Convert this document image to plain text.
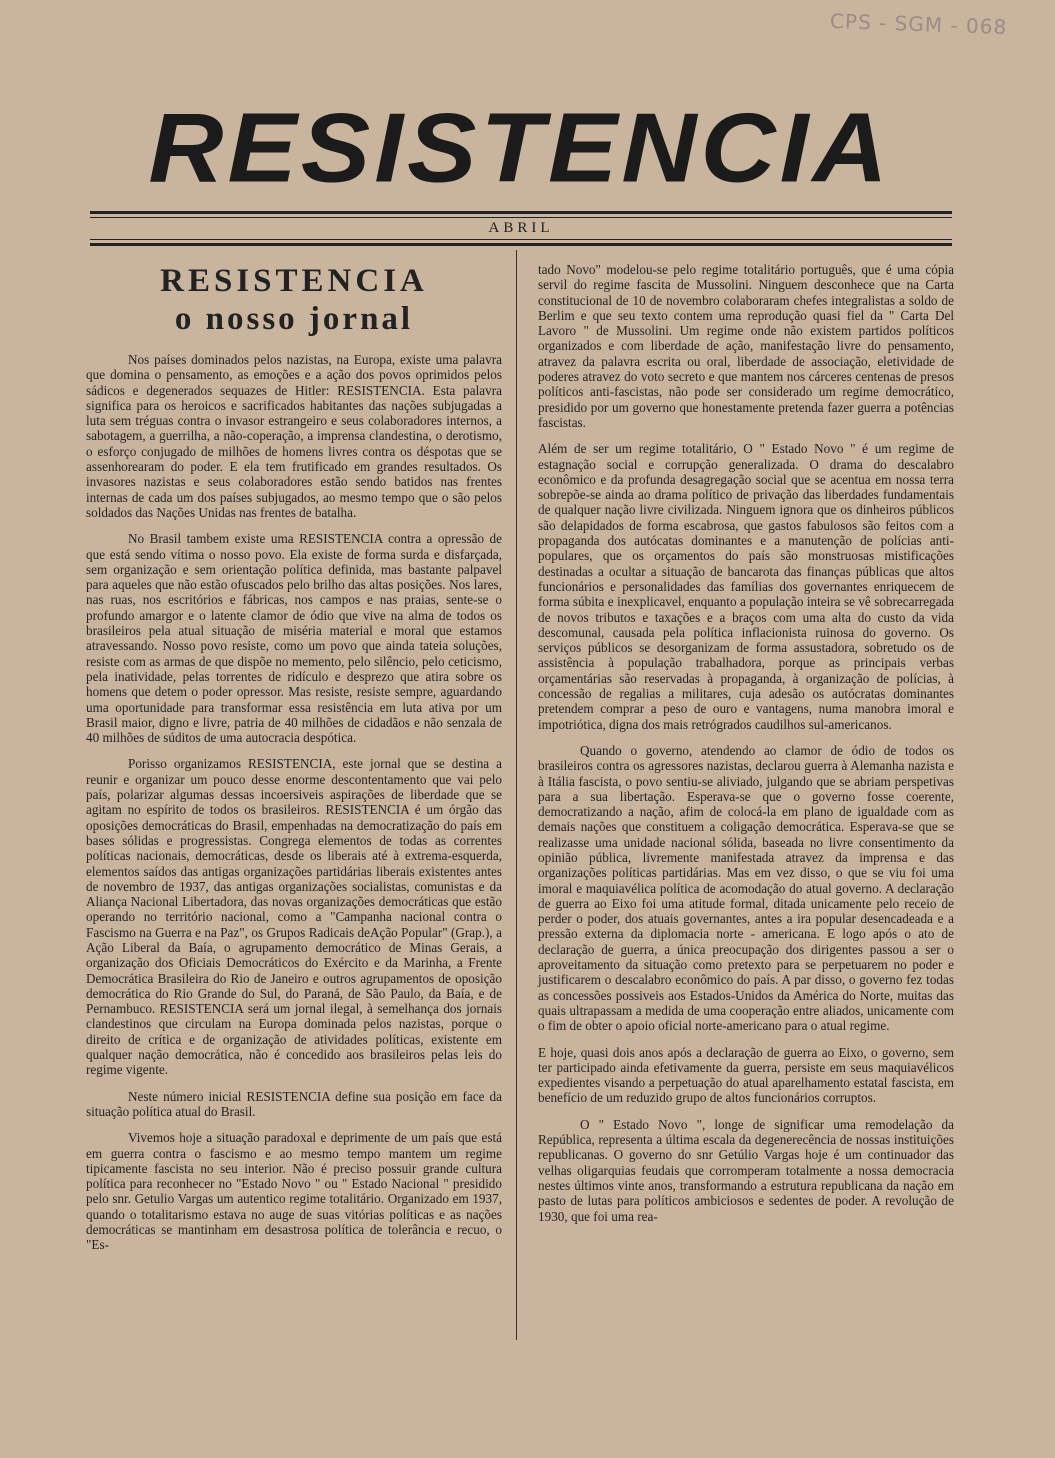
CPS - SGM - 068
RESISTENCIA
ABRIL
RESISTENCIA
o nosso jornal

Nos países dominados pelos nazistas, na Europa, existe uma palavra que domina o pensamento, as emoções e a ação dos povos oprimidos pelos sádicos e degenerados sequazes de Hitler: RESISTENCIA. Esta palavra significa para os heroicos e sacrificados habitantes das nações subjugadas a luta sem tréguas contra o invasor estrangeiro e seus colaboradores internos, a sabotagem, a guerrilha, a não-coperação, a imprensa clandestina, o derotismo, o esforço conjugado de milhões de homens livres contra os déspotas que se assenhorearam do poder. E ela tem frutificado em grandes resultados. Os invasores nazistas e seus colaboradores estão sendo batidos nas frentes internas de cada um dos países subjugados, ao mesmo tempo que o são pelos soldados das Nações Unidas nas frentes de batalha.

No Brasil tambem existe uma RESISTENCIA contra a opressão de que está sendo vítima o nosso povo. Ela existe de forma surda e disfarçada, sem organização e sem orientação política definida, mas bastante palpavel para aqueles que não estão ofuscados pelo brilho das altas posições. Nos lares, nas ruas, nos escritórios e fábricas, nos campos e nas praias, sente-se o profundo amargor e o latente clamor de ódio que vive na alma de todos os brasileiros pela atual situação de miséria material e moral que estamos atravessando. Nosso povo resiste, como um povo que ainda tateia soluções, resiste com as armas de que dispõe no memento, pelo silêncio, pelo ceticismo, pela inatividade, pelas torrentes de ridículo e desprezo que atira sobre os homens que detem o poder opressor. Mas resiste, resiste sempre, aguardando uma oportunidade para transformar essa resistência em luta ativa por um Brasil maior, digno e livre, patria de 40 milhões de cidadãos e não senzala de 40 milhões de súditos de uma autocracia despótica.

Porisso organizamos RESISTENCIA, este jornal que se destina a reunir e organizar um pouco desse enorme descontentamento que vai pelo país, polarizar algumas dessas incoersiveis aspirações de liberdade que se agitam no espírito de todos os brasileiros. RESISTENCIA é um órgão das oposições democráticas do Brasil, empenhadas na democratização do país em bases sólidas e progressistas. Congrega elementos de todas as correntes políticas nacionais, democráticas, desde os liberais até à extrema-esquerda, elementos saídos das antigas organizações partidárias liberais existentes antes de novembro de 1937, das antigas organizações socialistas, comunistas e da Aliança Nacional Libertadora, das novas organizações democráticas que estão operando no território nacional, como a "Campanha nacional contra o Fascismo na Guerra e na Paz", os Grupos Radicais deAção Popular" (Grap.), a Ação Liberal da Baía, o agrupamento democrático de Minas Gerais, a organização dos Oficiais Democráticos do Exército e da Marinha, a Frente Democrática Brasileira do Rio de Janeiro e outros agrupamentos de oposição democrática do Rio Grande do Sul, do Paraná, de São Paulo, da Baía, e de Pernambuco. RESISTENCIA será um jornal ilegal, à semelhança dos jornais clandestinos que circulam na Europa dominada pelos nazistas, porque o direito de crítica e de organização de atividades políticas, existente em qualquer nação democrática, não é concedido aos brasileiros pelas leis do regime vigente.

Neste número inicial RESISTENCIA define sua posição em face da situação política atual do Brasil.

Vivemos hoje a situação paradoxal e deprimente de um país que está em guerra contra o fascismo e ao mesmo tempo mantem um regime tipicamente fascista no seu interior. Não é preciso possuir grande cultura política para reconhecer no "Estado Novo " ou " Estado Nacional " presidido pelo snr. Getulio Vargas um autentico regime totalitário. Organizado em 1937, quando o totalitarismo estava no auge de suas vitórias políticas e as nações democráticas se mantinham em desastrosa política de tolerância e recuo, o "Es-

tado Novo" modelou-se pelo regime totalitário português, que é uma cópia servil do regime fascita de Mussolini. Ninguem desconhece que na Carta constitucional de 10 de novembro colaboraram chefes integralistas a soldo de Berlim e que seu texto contem uma reprodução quasi fiel da " Carta Del Lavoro " de Mussolini. Um regime onde não existem partidos políticos organizados e com liberdade de ação, manifestação livre do pensamento, atravez da palavra escrita ou oral, liberdade de associação, eletividade de poderes atravez do voto secreto e que mantem nos cárceres centenas de presos políticos anti-fascistas, não pode ser considerado um regime democrático, presidido por um governo que honestamente pretenda fazer guerra a potências fascistas.

Além de ser um regime totalitário, O " Estado Novo " é um regime de estagnação social e corrupção generalizada. O drama do descalabro econômico e da profunda desagregação social que se acentua em nossa terra sobrepõe-se ainda ao drama político de privação das liberdades fundamentais de qualquer nação livre civilizada. Ninguem ignora que os dinheiros públicos são delapidados de forma escabrosa, que gastos fabulosos são feitos com a propaganda dos autócatas dominantes e a manutenção de polícias anti-populares, que os orçamentos do país são monstruosas mistificações destinadas a ocultar a situação de bancarota das finanças públicas que altos funcionários e personalidades das famílias dos governantes enriquecem de forma súbita e inexplicavel, enquanto a população inteira se vê sobrecarregada de novos tributos e taxações e a braços com uma alta do custo da vida descomunal, causada pela política inflacionista ruinosa do governo. Os serviços públicos se desorganizam de forma assustadora, sobretudo os de assistência à população trabalhadora, porque as principais verbas orçamentárias são reservadas à propaganda, à organização de polícias, à concessão de regalias a militares, cuja adesão os autócratas dominantes pretendem comprar a peso de ouro e vantagens, numa manobra imoral e impotriótica, digna dos mais retrógrados caudilhos sul-americanos.

Quando o governo, atendendo ao clamor de ódio de todos os brasileiros contra os agressores nazistas, declarou guerra à Alemanha nazista e à Itália fascista, o povo sentiu-se aliviado, julgando que se abriam perspetivas para a sua libertação. Esperava-se que o governo fosse coerente, democratizando a nação, afim de colocá-la em plano de igualdade com as demais nações que constituem a coligação democrática. Esperava-se que se realizasse uma unidade nacional sólida, baseada no livre consentimento da opinião pública, livremente manifestada atravez da imprensa e das organizações políticas partidárias. Mas em vez disso, o que se viu foi uma imoral e maquiavélica política de acomodação do atual governo. A declaração de guerra ao Eixo foi uma atitude formal, ditada unicamente pelo receio de perder o poder, dos atuais governantes, antes a ira popular desencadeada e a pressão externa da diplomacia norte - americana. E logo após o ato de declaração de guerra, a única preocupação dos dirigentes passou a ser o aproveitamento da situação como pretexto para se perpetuarem no poder e justificarem o descalabro econômico do país. A par disso, o governo fez todas as concessões possiveis aos Estados-Unidos da América do Norte, muitas das quais ultrapassam a medida de uma cooperação entre aliados, unicamente com o fim de obter o apoio oficial norte-americano para o atual regime.

E hoje, quasi dois anos após a declaração de guerra ao Eixo, o governo, sem ter participado ainda efetivamente da guerra, persiste em seus maquiavélicos expedientes visando a perpetuação do atual aparelhamento estatal fascista, em benefício de um reduzido grupo de altos funcionários corruptos.

O " Estado Novo ", longe de significar uma remodelação da República, representa a última escala da degenerecência de nossas instituições republicanas. O governo do snr Getúlio Vargas hoje é um continuador das velhas oligarquias feudais que corromperam totalmente a nossa democracia nestes últimos vinte anos, transformando a estrutura republicana da nação em pasto de lutas para políticos ambiciosos e sedentes de poder. A revolução de 1930, que foi uma rea-
